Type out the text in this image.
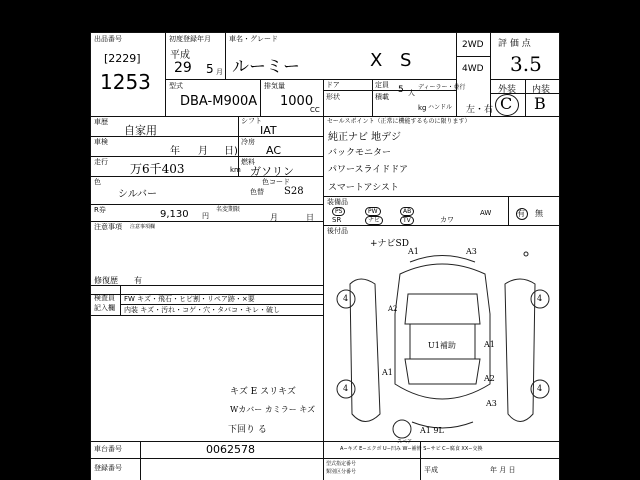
出品番号
[2229]
1253
初度登録年月
平成
29 5 月
車名・グレード
ルーミー	X S
2WD
4WD
評 価 点
3.5
外装 内装
C B
型式
DBA-M900A
排気量
1000
CC
ドア	定員 5 人
ディーラー・並行
形状	積載
kg ハンドル 左・右
車歴
自家用
車検
年 月 日)
走行 万6千403	km
色
シルバー	色替
R券	9,130 円
名変期限
月	日
注意事項 注意事項欄
修復歴 有
シフト
IAT
冷房
AC
燃料
ガソリン
色コード
S28
検査員
記入欄
FW キズ・飛石・ヒビ割・リペア跡・×要
内装 キズ・汚れ・コゲ・穴・タバコ・キレ・破し
キズ E スリキズ
Wカバー カミラー キズ
下回り る
セールスポイント（正常に機能するものに限ります）
純正ナビ 地デジ
バックモニター
パワースライドドア
スマートアシスト
装備品
PS	PW	AB
SR	ナビ	TV	カワ
AW	有 無
後付品
+ナビSD
A1	A3
A2
A1
A2
A3
U1補助
A1
A1 9L
4	4
4	4
スペア
A−キズ E−エクボ U−凹み W−補修 S−サビ C−腐食 XX−交換
車台番号	0062578
登録番号	型式指定番号
類別区分番号	平成	年 月 日
